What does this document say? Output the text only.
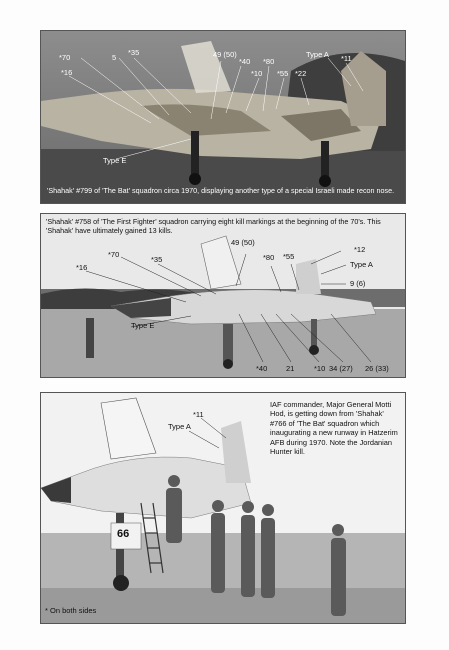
*70	5
*35	49 (50)
*40 *80
Type A *11
*16	*10 *55 *22
Type E
'Shahak' #799 of 'The Bat' squadron circa 1970, displaying another type of a special Israeli made recon nose.
'Shahak' #758 of 'The First Fighter' squadron carrying eight kill markings at the beginning of the 70's. This 'Shahak' have ultimately gained 13 kills.
49 (50)
*12
*80 *55
Type A
9 (6)
*16
*70
*35
Type E
*40 21	*10 34 (27) 26 (33)
*11
Type A
66
IAF commander, Major General Motti Hod, is getting down from 'Shahak' #766 of 'The Bat' squadron which inaugurating a new runway in Hatzerim AFB during 1970. Note the Jordanian Hunter kill.
* On both sides
